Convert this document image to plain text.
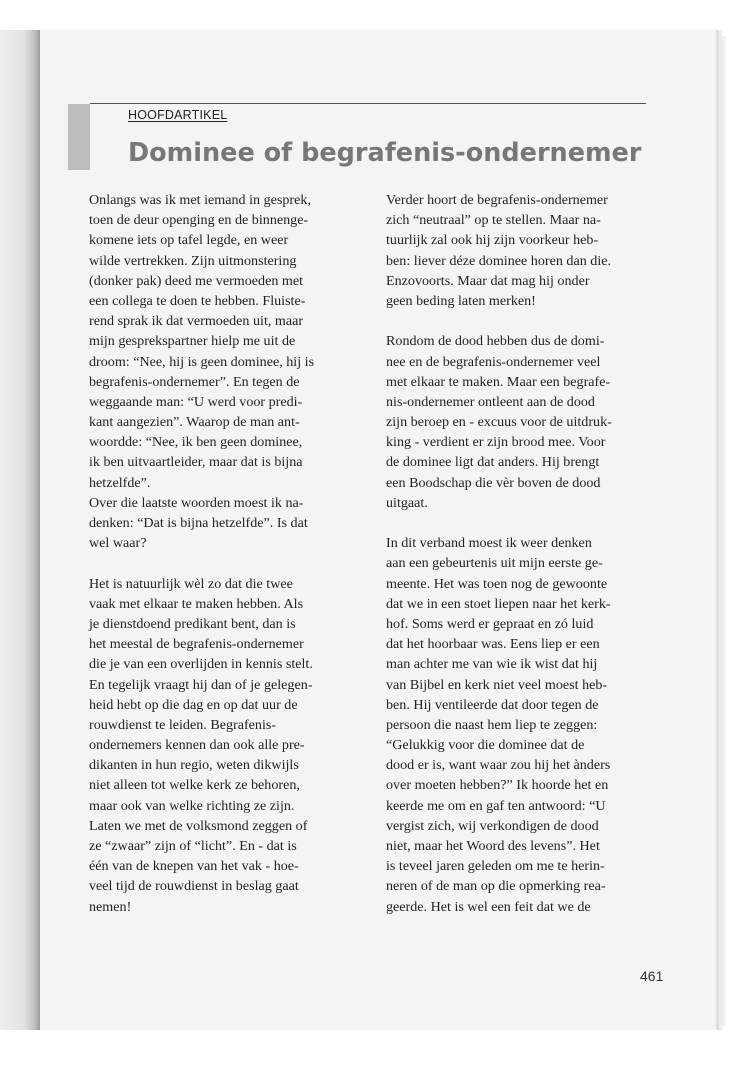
HOOFDARTIKEL
Dominee of begrafenis-ondernemer
Onlangs was ik met iemand in gesprek,
toen de deur openging en de binnenge-
komene iets op tafel legde, en weer
wilde vertrekken. Zijn uitmonstering
(donker pak) deed me vermoeden met
een collega te doen te hebben. Fluiste-
rend sprak ik dat vermoeden uit, maar
mijn gesprekspartner hielp me uit de
droom: “Nee, hij is geen dominee, hij is
begrafenis-ondernemer”. En tegen de
weggaande man: “U werd voor predi-
kant aangezien”. Waarop de man ant-
woordde: “Nee, ik ben geen dominee,
ik ben uitvaartleider, maar dat is bijna
hetzelfde”.
Over die laatste woorden moest ik na-
denken: “Dat is bijna hetzelfde”. Is dat
wel waar?
Het is natuurlijk wèl zo dat die twee
vaak met elkaar te maken hebben. Als
je dienstdoend predikant bent, dan is
het meestal de begrafenis-ondernemer
die je van een overlijden in kennis stelt.
En tegelijk vraagt hij dan of je gelegen-
heid hebt op die dag en op dat uur de
rouwdienst te leiden. Begrafenis-
ondernemers kennen dan ook alle pre-
dikanten in hun regio, weten dikwijls
niet alleen tot welke kerk ze behoren,
maar ook van welke richting ze zijn.
Laten we met de volksmond zeggen of
ze “zwaar” zijn of “licht”. En - dat is
één van de knepen van het vak - hoe-
veel tijd de rouwdienst in beslag gaat
nemen!
Verder hoort de begrafenis-ondernemer
zich “neutraal” op te stellen. Maar na-
tuurlijk zal ook hij zijn voorkeur heb-
ben: liever déze dominee horen dan die.
Enzovoorts. Maar dat mag hij onder
geen beding laten merken!
Rondom de dood hebben dus de domi-
nee en de begrafenis-ondernemer veel
met elkaar te maken. Maar een begrafe-
nis-ondernemer ontleent aan de dood
zijn beroep en - excuus voor de uitdruk-
king - verdient er zijn brood mee. Voor
de dominee ligt dat anders. Hij brengt
een Boodschap die vèr boven de dood
uitgaat.
In dit verband moest ik weer denken
aan een gebeurtenis uit mijn eerste ge-
meente. Het was toen nog de gewoonte
dat we in een stoet liepen naar het kerk-
hof. Soms werd er gepraat en zó luid
dat het hoorbaar was. Eens liep er een
man achter me van wie ik wist dat hij
van Bijbel en kerk niet veel moest heb-
ben. Hij ventileerde dat door tegen de
persoon die naast hem liep te zeggen:
“Gelukkig voor die dominee dat de
dood er is, want waar zou hij het ànders
over moeten hebben?” Ik hoorde het en
keerde me om en gaf ten antwoord: “U
vergist zich, wij verkondigen de dood
niet, maar het Woord des levens”. Het
is teveel jaren geleden om me te herin-
neren of de man op die opmerking rea-
geerde. Het is wel een feit dat we de
461
